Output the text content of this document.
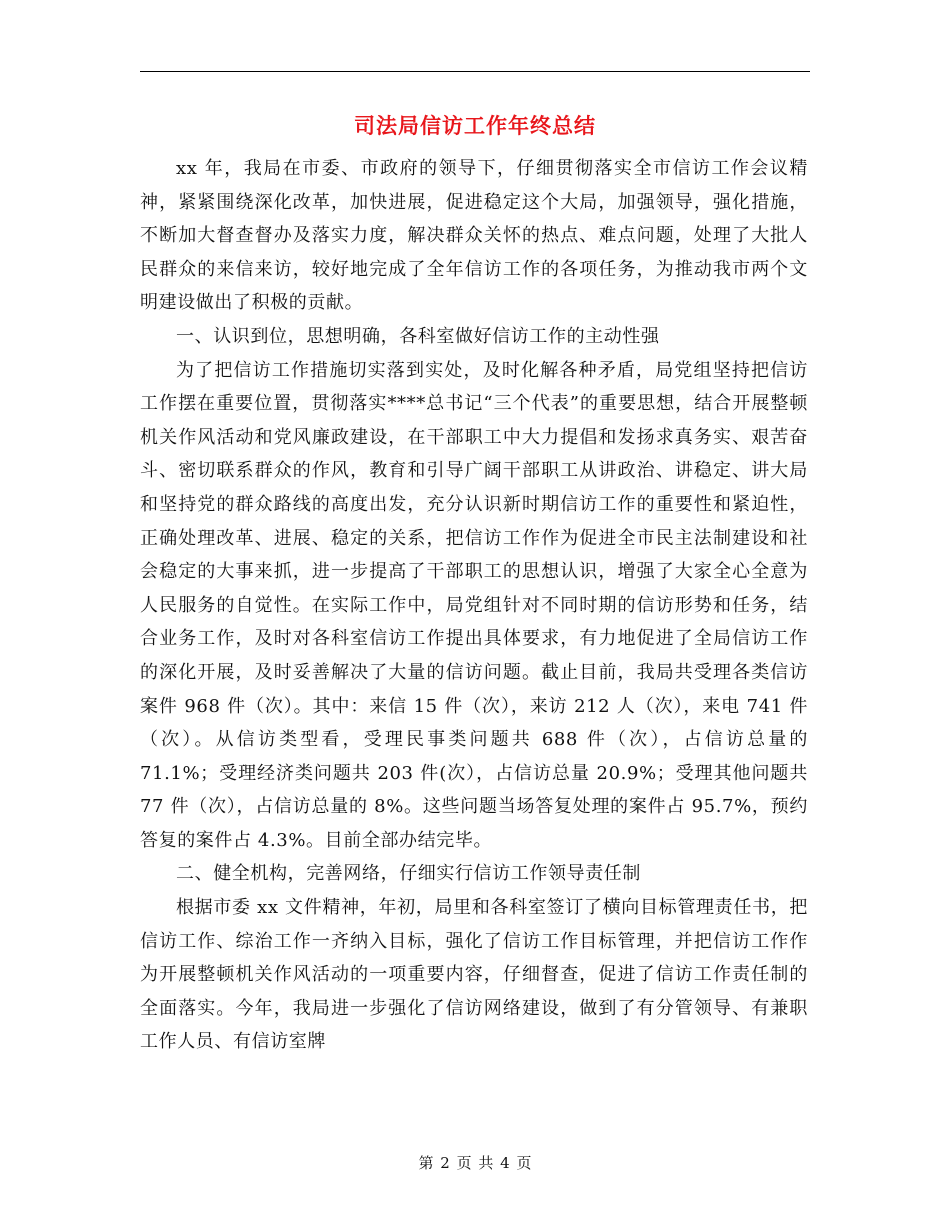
司法局信访工作年终总结

xx 年，我局在市委、市政府的领导下，仔细贯彻落实全市信访工作会议精神，紧紧围绕深化改革，加快进展，促进稳定这个大局，加强领导，强化措施，不断加大督查督办及落实力度，解决群众关怀的热点、难点问题，处理了大批人民群众的来信来访，较好地完成了全年信访工作的各项任务，为推动我市两个文明建设做出了积极的贡献。

一、认识到位，思想明确，各科室做好信访工作的主动性强

为了把信访工作措施切实落到实处，及时化解各种矛盾，局党组坚持把信访工作摆在重要位置，贯彻落实****总书记“三个代表”的重要思想，结合开展整顿机关作风活动和党风廉政建设，在干部职工中大力提倡和发扬求真务实、艰苦奋斗、密切联系群众的作风，教育和引导广阔干部职工从讲政治、讲稳定、讲大局和坚持党的群众路线的高度出发，充分认识新时期信访工作的重要性和紧迫性，正确处理改革、进展、稳定的关系，把信访工作作为促进全市民主法制建设和社会稳定的大事来抓，进一步提高了干部职工的思想认识，增强了大家全心全意为人民服务的自觉性。在实际工作中，局党组针对不同时期的信访形势和任务，结合业务工作，及时对各科室信访工作提出具体要求，有力地促进了全局信访工作的深化开展，及时妥善解决了大量的信访问题。截止目前，我局共受理各类信访案件 968 件（次）。其中：来信 15 件（次），来访 212 人（次），来电 741 件（次）。从信访类型看，受理民事类问题共 688 件（次），占信访总量的 71.1%；受理经济类问题共 203 件(次），占信访总量 20.9%；受理其他问题共 77 件（次），占信访总量的 8%。这些问题当场答复处理的案件占 95.7%，预约答复的案件占 4.3%。目前全部办结完毕。

二、健全机构，完善网络，仔细实行信访工作领导责任制

根据市委 xx 文件精神，年初，局里和各科室签订了横向目标管理责任书，把信访工作、综治工作一齐纳入目标，强化了信访工作目标管理，并把信访工作作为开展整顿机关作风活动的一项重要内容，仔细督查，促进了信访工作责任制的全面落实。今年，我局进一步强化了信访网络建设，做到了有分管领导、有兼职工作人员、有信访室牌

第 2 页 共 4 页
